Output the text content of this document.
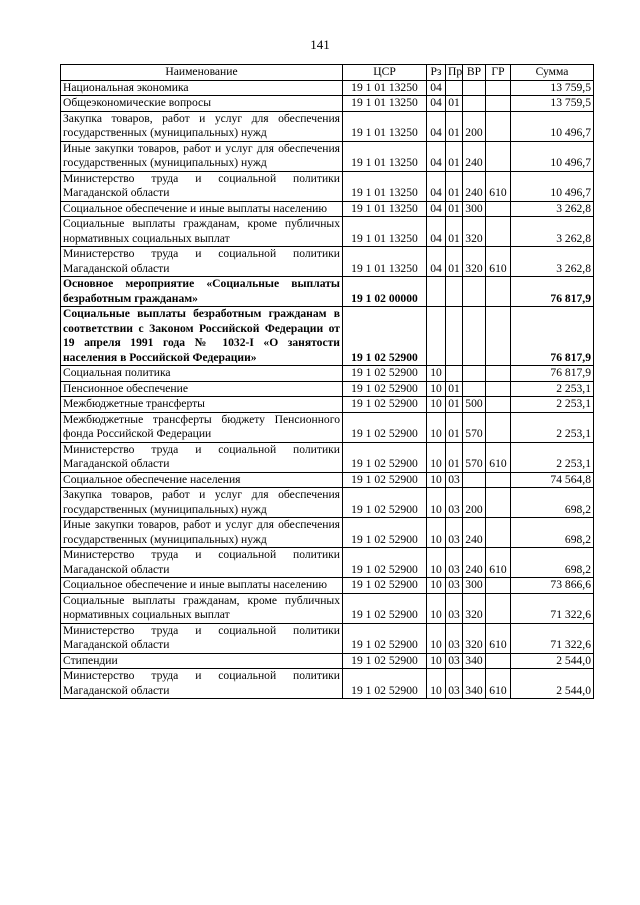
141
Наименование	ЦСР	Рз	Пр	ВР	ГР	Сумма
Национальная экономика	19 1 01 13250	04				13 759,5
Общеэкономические вопросы	19 1 01 13250	04	01			13 759,5
Закупка товаров, работ и услуг для обеспечения государственных (муниципальных) нужд	19 1 01 13250	04	01	200		10 496,7
Иные закупки товаров, работ и услуг для обеспечения государственных (муниципальных) нужд	19 1 01 13250	04	01	240		10 496,7
Министерство труда и социальной политики Магаданской области	19 1 01 13250	04	01	240	610	10 496,7
Социальное обеспечение и иные выплаты населению	19 1 01 13250	04	01	300		3 262,8
Социальные выплаты гражданам, кроме публичных нормативных социальных выплат	19 1 01 13250	04	01	320		3 262,8
Министерство труда и социальной политики Магаданской области	19 1 01 13250	04	01	320	610	3 262,8
Основное мероприятие «Социальные выплаты безработным гражданам»	19 1 02 00000					76 817,9
Социальные выплаты безработным гражданам в соответствии с Законом Российской Федерации от 19 апреля 1991 года № 1032-I «О занятости населения в Российской Федерации»	19 1 02 52900					76 817,9
Социальная политика	19 1 02 52900	10				76 817,9
Пенсионное обеспечение	19 1 02 52900	10	01			2 253,1
Межбюджетные трансферты	19 1 02 52900	10	01	500		2 253,1
Межбюджетные трансферты бюджету Пенсионного фонда Российской Федерации	19 1 02 52900	10	01	570		2 253,1
Министерство труда и социальной политики Магаданской области	19 1 02 52900	10	01	570	610	2 253,1
Социальное обеспечение населения	19 1 02 52900	10	03			74 564,8
Закупка товаров, работ и услуг для обеспечения государственных (муниципальных) нужд	19 1 02 52900	10	03	200		698,2
Иные закупки товаров, работ и услуг для обеспечения государственных (муниципальных) нужд	19 1 02 52900	10	03	240		698,2
Министерство труда и социальной политики Магаданской области	19 1 02 52900	10	03	240	610	698,2
Социальное обеспечение и иные выплаты населению	19 1 02 52900	10	03	300		73 866,6
Социальные выплаты гражданам, кроме публичных нормативных социальных выплат	19 1 02 52900	10	03	320		71 322,6
Министерство труда и социальной политики Магаданской области	19 1 02 52900	10	03	320	610	71 322,6
Стипендии	19 1 02 52900	10	03	340		2 544,0
Министерство труда и социальной политики Магаданской области	19 1 02 52900	10	03	340	610	2 544,0
